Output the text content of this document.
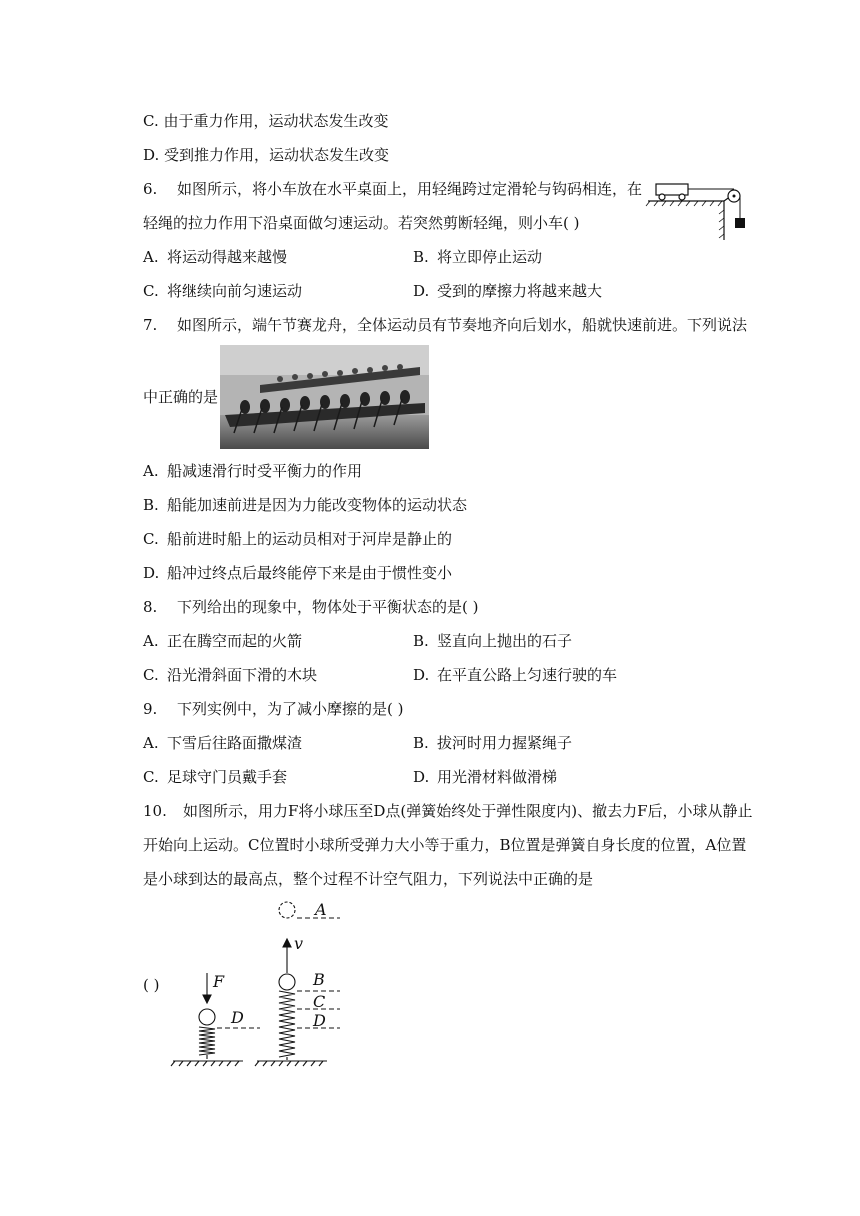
C. 由于重力作用，运动状态发生改变
D. 受到推力作用，运动状态发生改变
6. 如图所示，将小车放在水平桌面上，用轻绳跨过定滑轮与钩码相连，在
轻绳的拉力作用下沿桌面做匀速运动。若突然剪断轻绳，则小车( )
A. 将运动得越来越慢	B. 将立即停止运动
C. 将继续向前匀速运动	D. 受到的摩擦力将越来越大
7. 如图所示，端午节赛龙舟，全体运动员有节奏地齐向后划水，船就快速前进。下列说法
中正确的是
A. 船减速滑行时受平衡力的作用
B. 船能加速前进是因为力能改变物体的运动状态
C. 船前进时船上的运动员相对于河岸是静止的
D. 船冲过终点后最终能停下来是由于惯性变小
8. 下列给出的现象中，物体处于平衡状态的是( )
A. 正在腾空而起的火箭	B. 竖直向上抛出的石子
C. 沿光滑斜面下滑的木块	D. 在平直公路上匀速行驶的车
9. 下列实例中，为了减小摩擦的是( )
A. 下雪后往路面撒煤渣	B. 拔河时用力握紧绳子
C. 足球守门员戴手套	D. 用光滑材料做滑梯
10. 如图所示，用力F将小球压至D点(弹簧始终处于弹性限度内)、撤去力F后，小球从静止
开始向上运动。C位置时小球所受弹力大小等于重力，B位置是弹簧自身长度的位置，A位置
是小球到达的最高点，整个过程不计空气阻力，下列说法中正确的是
( )	F
D
A
v
B
C
D
